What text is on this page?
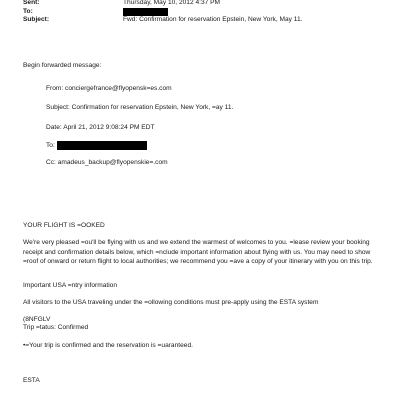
Sent:	Thursday, May 10, 2012 4:37 PM
To:
Subject:	Fwd: Confirmation for reservation Epstein, New York, May 11.
Begin forwarded message:
From: conciergefrance@flyopensk=es.com
Subject: Confirmation for reservation Epstein, New York, =ay 11.
Date: April 21, 2012 9:08:24 PM EDT
To:
Cc: amadeus_backup@flyopenskie=.com
YOUR FLIGHT IS =OOKED
We're very pleased =ou'll be flying with us and we extend the warmest of welcomes to you. =lease review your booking receipt and confirmation details below, which =nclude important information about flying with us. You may need to show =roof of onward or return flight to local authorities; we recommend you =ave a copy of your itinerary with you on this trip.
Important USA =ntry information
All visitors to the USA traveling under the =ollowing conditions must pre-apply using the ESTA system
(8NFGLV
Trip =tatus: Confirmed
•=Your trip is confirmed and the reservation is =uaranteed.
ESTA
